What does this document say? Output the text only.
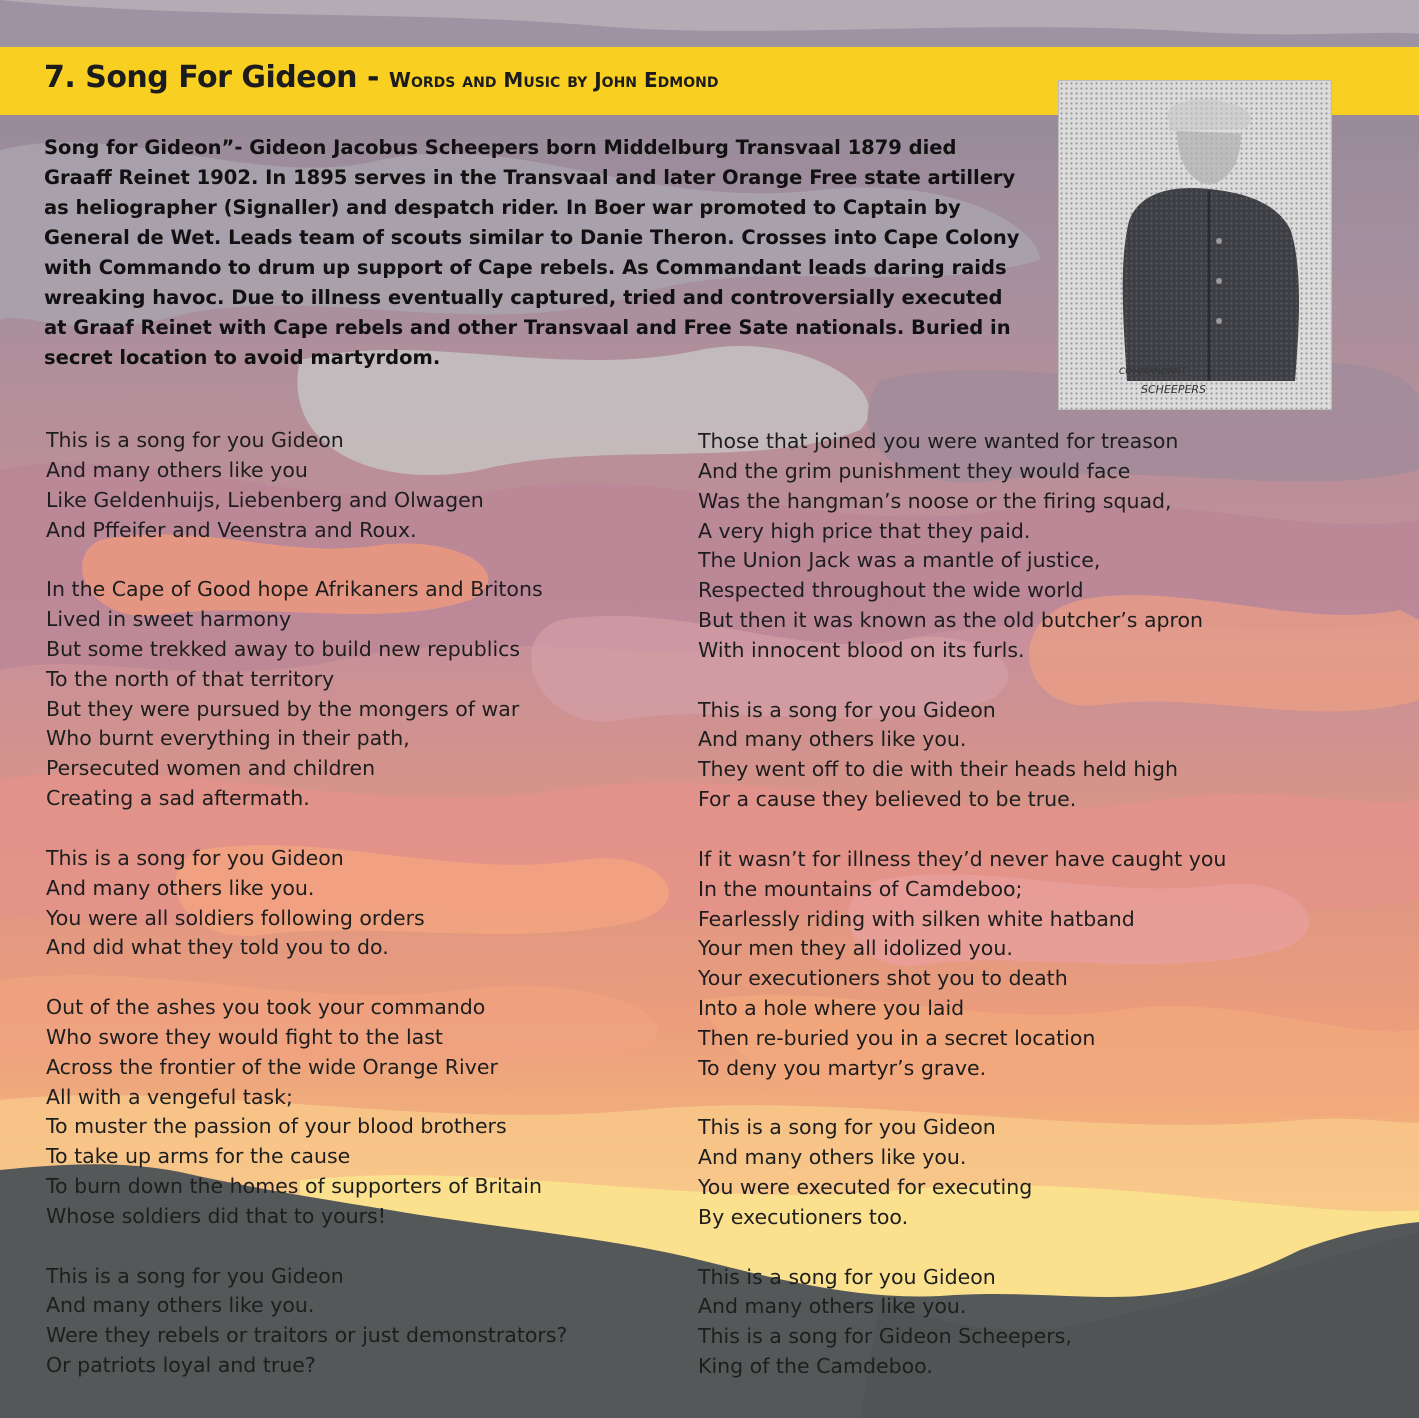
7. Song For Gideon - Words and Music by John Edmond
COMMANDANT
SCHEEPERS

Song for Gideon”- Gideon Jacobus Scheepers born Middelburg Transvaal 1879 died Graaff Reinet 1902. In 1895 serves in the Transvaal and later Orange Free state artillery as heliographer (Signaller) and despatch rider. In Boer war promoted to Captain by General de Wet. Leads team of scouts similar to Danie Theron. Crosses into Cape Colony with Commando to drum up support of Cape rebels. As Commandant leads daring raids wreaking havoc. Due to illness eventually captured, tried and controversially executed at Graaf Reinet with Cape rebels and other Transvaal and Free Sate nationals. Buried in secret location to avoid martyrdom.

This is a song for you Gideon
And many others like you
Like Geldenhuijs, Liebenberg and Olwagen
And Pffeifer and Veenstra and Roux.
In the Cape of Good hope Afrikaners and Britons
Lived in sweet harmony
But some trekked away to build new republics
To the north of that territory
But they were pursued by the mongers of war
Who burnt everything in their path,
Persecuted women and children
Creating a sad aftermath.
This is a song for you Gideon
And many others like you.
You were all soldiers following orders
And did what they told you to do.
Out of the ashes you took your commando
Who swore they would fight to the last
Across the frontier of the wide Orange River
All with a vengeful task;
To muster the passion of your blood brothers
To take up arms for the cause
To burn down the homes of supporters of Britain
Whose soldiers did that to yours!
This is a song for you Gideon
And many others like you.
Were they rebels or traitors or just demonstrators?
Or patriots loyal and true?
Those that joined you were wanted for treason
And the grim punishment they would face
Was the hangman’s noose or the firing squad,
A very high price that they paid.
The Union Jack was a mantle of justice,
Respected throughout the wide world
But then it was known as the old butcher’s apron
With innocent blood on its furls.
This is a song for you Gideon
And many others like you.
They went off to die with their heads held high
For a cause they believed to be true.
If it wasn’t for illness they’d never have caught you
In the mountains of Camdeboo;
Fearlessly riding with silken white hatband
Your men they all idolized you.
Your executioners shot you to death
Into a hole where you laid
Then re-buried you in a secret location
To deny you martyr’s grave.
This is a song for you Gideon
And many others like you.
You were executed for executing
By executioners too.
This is a song for you Gideon
And many others like you.
This is a song for Gideon Scheepers,
King of the Camdeboo.
